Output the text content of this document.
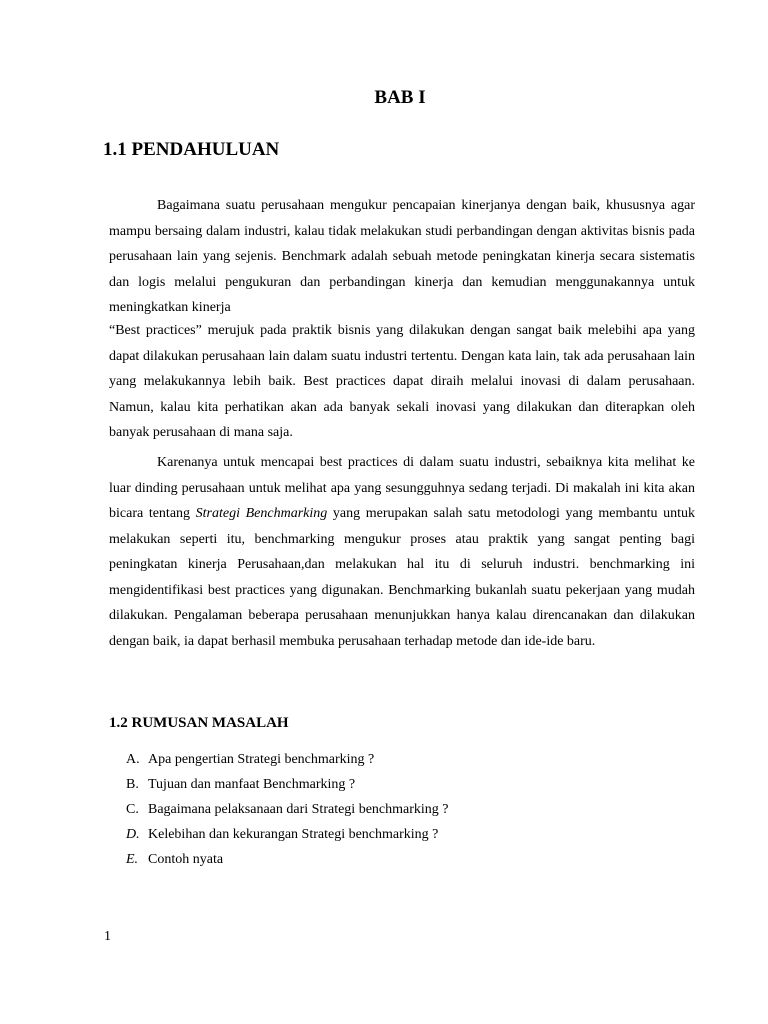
BAB I
1.1 PENDAHULUAN

Bagaimana suatu perusahaan mengukur pencapaian kinerjanya dengan baik, khususnya agar mampu bersaing dalam industri, kalau tidak melakukan studi perbandingan dengan aktivitas bisnis pada perusahaan lain yang sejenis. Benchmark adalah sebuah metode peningkatan kinerja secara sistematis dan logis melalui pengukuran dan perbandingan kinerja dan kemudian menggunakannya untuk meningkatkan kinerja

“Best practices” merujuk pada praktik bisnis yang dilakukan dengan sangat baik melebihi apa yang dapat dilakukan perusahaan lain dalam suatu industri tertentu. Dengan kata lain, tak ada perusahaan lain yang melakukannya lebih baik. Best practices dapat diraih melalui inovasi di dalam perusahaan. Namun, kalau kita perhatikan akan ada banyak sekali inovasi yang dilakukan dan diterapkan oleh banyak perusahaan di mana saja.

Karenanya untuk mencapai best practices di dalam suatu industri, sebaiknya kita melihat ke luar dinding perusahaan untuk melihat apa yang sesungguhnya sedang terjadi. Di makalah ini kita akan bicara tentang Strategi Benchmarking yang merupakan salah satu metodologi yang membantu untuk melakukan seperti itu, benchmarking mengukur proses atau praktik yang sangat penting bagi peningkatan kinerja Perusahaan,dan melakukan hal itu di seluruh industri. benchmarking ini mengidentifikasi best practices yang digunakan. Benchmarking bukanlah suatu pekerjaan yang mudah dilakukan. Pengalaman beberapa perusahaan menunjukkan hanya kalau direncanakan dan dilakukan dengan baik, ia dapat berhasil membuka perusahaan terhadap metode dan ide-ide baru.

1.2 RUMUSAN MASALAH
A. Apa pengertian Strategi benchmarking ?
B. Tujuan dan manfaat Benchmarking ?
C. Bagaimana pelaksanaan dari Strategi benchmarking ?
D. Kelebihan dan kekurangan Strategi benchmarking ?
E. Contoh nyata
1
